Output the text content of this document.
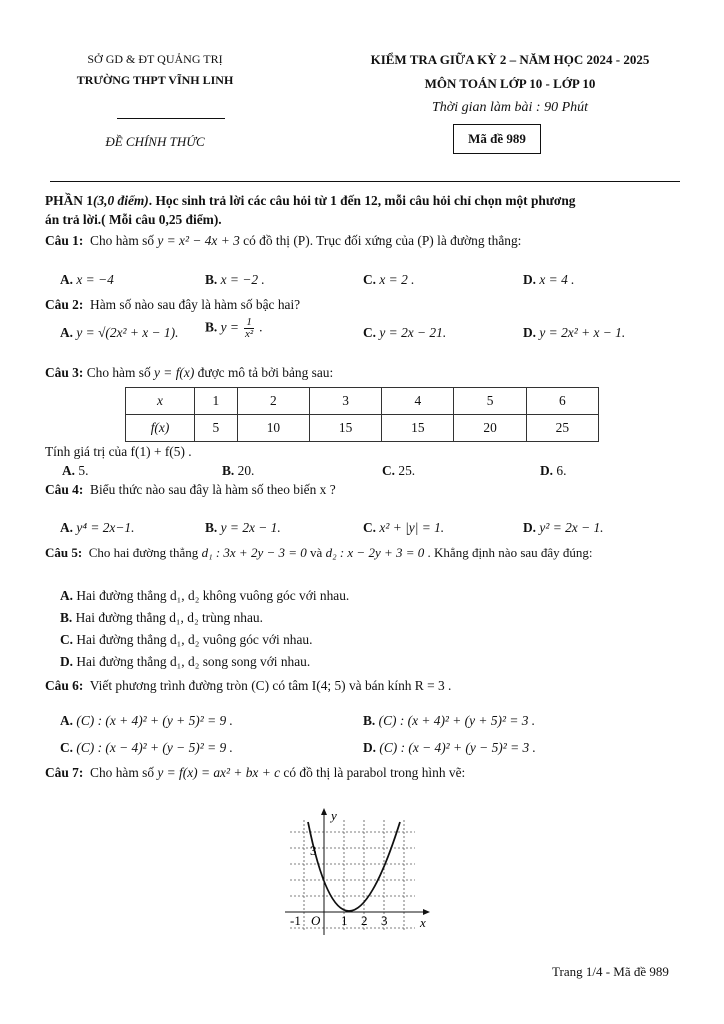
SỞ GD & ĐT QUẢNG TRỊ
TRƯỜNG THPT VĨNH LINH
ĐỀ CHÍNH THỨC
KIỂM TRA GIỮA KỲ 2 – NĂM HỌC 2024 - 2025
MÔN TOÁN LỚP 10 - LỚP 10
Thời gian làm bài : 90 Phút
Mã đề 989
PHẦN 1(3,0 điểm). Học sinh trả lời các câu hỏi từ 1 đến 12, mỗi câu hỏi chỉ chọn một phương
án trả lời.( Mỗi câu 0,25 điểm).
Câu 1: Cho hàm số y = x² − 4x + 3 có đồ thị (P). Trục đối xứng của (P) là đường thẳng:
A. x = −4	B. x = −2 .	C. x = 2 .	D. x = 4 .
Câu 2: Hàm số nào sau đây là hàm số bậc hai?
A. y = √(2x² + x − 1). B. $y = \frac{1}{\text{x²}}$ .	C. y = 2x − 21.	D. y = 2x² + x − 1.
Câu 3: Cho hàm số y = f(x) được mô tả bởi bảng sau:
x	1	2	3	4	5	6
f(x)	5	10	15	15	20	25
Tính giá trị của f(1) + f(5) .
A. 5.	B. 20.	C. 25.	D. 6.
Câu 4: Biểu thức nào sau đây là hàm số theo biến x ?
A. y⁴ = 2x−1.	B. y = 2x − 1.	C. x² + |y| = 1.	D. y² = 2x − 1.
Câu 5: Cho hai đường thẳng d₁ : 3x + 2y − 3 = 0 và d₂ : x − 2y + 3 = 0 . Khẳng định nào sau đây đúng:
A. Hai đường thẳng d₁, d₂ không vuông góc với nhau.
B. Hai đường thẳng d₁, d₂ trùng nhau.
C. Hai đường thẳng d₁, d₂ vuông góc với nhau.
D. Hai đường thẳng d₁, d₂ song song với nhau.
Câu 6: Viết phương trình đường tròn (C) có tâm I(4; 5) và bán kính R = 3 .
A. (C) : (x + 4)² + (y + 5)² = 9 .	B. (C) : (x + 4)² + (y + 5)² = 3 .
C. (C) : (x − 4)² + (y − 5)² = 9 .	D. (C) : (x − 4)² + (y − 5)² = 3 .
Câu 7: Cho hàm số y = f(x) = ax² + bx + c có đồ thị là parabol trong hình vẽ:
y
x
3
-1 O 1 2 3
Trang 1/4 - Mã đề 989
